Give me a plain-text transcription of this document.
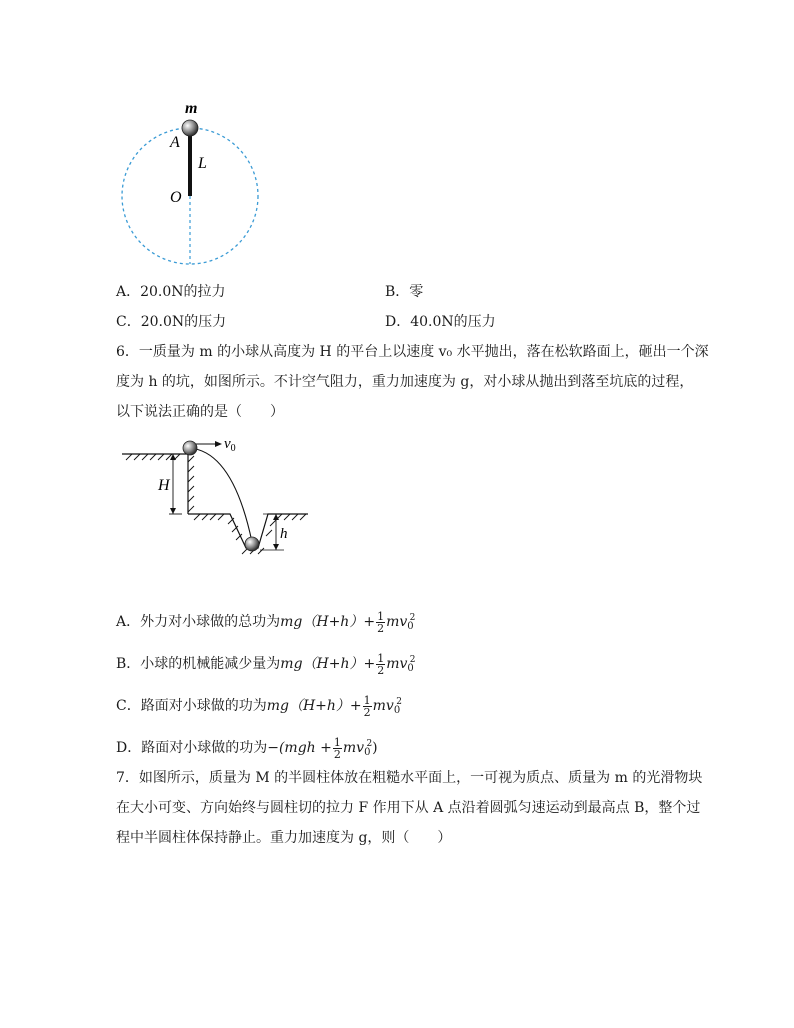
m
A
L
O
A．20.0N的拉力	B．零
C．20.0N的压力	D．40.0N的压力
6．一质量为 m 的小球从高度为 H 的平台上以速度 v₀ 水平抛出，落在松软路面上，砸出一个深
度为 h 的坑，如图所示。不计空气阻力，重力加速度为 g，对小球从抛出到落至坑底的过程，
以下说法正确的是（　　）
$v_0$
H
h
A．外力对小球做的总功为$mg(H+h)+ \frac{1}{2} mv_0^2$
B．小球的机械能减少量为$mg(H+h)+ \frac{1}{2} mv_0^2$
C．路面对小球做的功为$mg(H+h)+ \frac{1}{2} mv_0^2$
D．路面对小球做的功为$-(mgh + \frac{1}{2} mv_0^2)$
7．如图所示，质量为 M 的半圆柱体放在粗糙水平面上，一可视为质点、质量为 m 的光滑物块
在大小可变、方向始终与圆柱切的拉力 F 作用下从 A 点沿着圆弧匀速运动到最高点 B，整个过
程中半圆柱体保持静止。重力加速度为 g，则（　　）
